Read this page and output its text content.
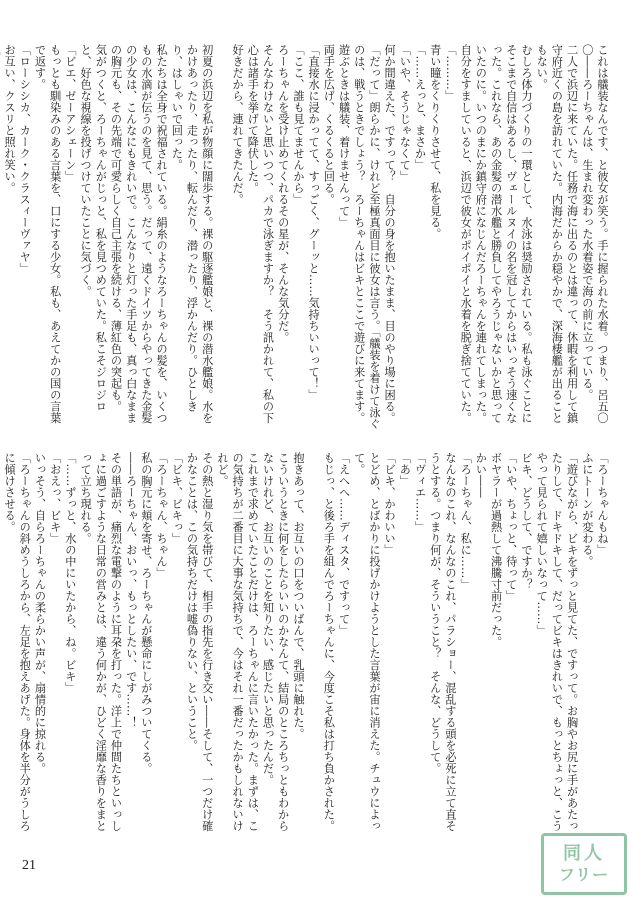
これは艤装なんです、と彼女が笑う。手に握られた水着。つまり、呂五〇〇――ろーちゃんは、生まれ変わった水着姿で海の前に立っている。
二人で浜辺に来ていた。任務で海に出るのとは違って、休暇を利用して鎮守府近くの島を訪れていた。内海だからか穏やかで、深海棲艦が出ることもない。
むしろ体力づくりの一環として、水泳は奨励されている。私も泳ぐことにそこまで自信はあるし、ヴェールヌイの名を冠してからはいっそう速くなった。これなら、あの金髪の潜水艦と勝負してやろうじゃないかと思っていたのに。いつのまにか鎮守府になじんだろーちゃんを連れてしまった。自分をすましていると、浜辺で彼女がポイポイと水着を脱ぎ捨てていた。
「………」
青い瞳をくりくりさせて、私を見る。
「……えっと、まさか」
「いや、そうじゃなくて」
何か間違えた、ですって？　自分の身を抱いたまま、目のやり場に困る。
「だって」朗らかに、けれど至極真面目に彼女は言う。「艤装を着けて泳ぐのは、戦うときでしょう？　ろーちゃんはビキとここで遊びに来てます。遊ぶときは艤装、着けませんって」
両手を広げ、くるくると回る。
「直接水に浸かってて、すっごく、グーッと……気持ちいいって！」
「ここ、誰も見てませんから」
ろーちゃんを受け止めてくれるその星が、そんな気分だ。
そんなわけないと思いつつ、パカで泳ぎますか？　そう訊かれて、私の下心は諸手を挙げて降伏した。
好きだから、連れてきたんだ。

初夏の浜辺を私が物顔に闊歩する。裸の駆逐艦娘と、裸の潜水艦娘。水をかけあったり、走ったり、転んだり、潜ったり、浮かんだり。ひとしきり、はしゃいで回った。
私たちは全身で祝福されている。絹糸のようなろーちゃんの髪を、いくつもの水滴が伝うのを見て、思う。だって、遠くドイツからやってきた金髪の少女は、こんなにもきれいで。こんなりと灯った手足も、真っ白なままの胸元も、その先端で可愛らしく自己主張を続ける、薄紅色の突起も。
気がつくと、ろーちゃんがじっと、私を見つめていた。私こそジロジロと、好色な視線を投げつけていたことに気づく。
「ビエ、ゼーアシェーン」
もっとも馴染みのある言葉を、口にする少女。私も、あえてかの国の言葉で返す。
「ローシシカ、カーク・クラスィーヴァヤ」
お互い、クスリと照れ笑い。

「ろーちゃんもね」
ふにトーンが変わる。
「遊びながら、ビキをずっと見てた、ですって。お胸やお尻に手があたったりして、ドキドキして、だってビキはきれいで、もっとちょっと、こうやって見られて嬉しいなって……」
ビキ、どうして、ですか？
「いや、ちょっと、待って」
ボヤラーが過熱して沸騰寸前だった。
かい――
「ろーちゃん、私に……」
なんなのこれ、なんなのこれ、パラショー、混乱する頭を必死に立て直そうとする。つまり何が、そういうこと？　そんな、どうして。
「ヴィエ……」
「あ」
「ビキ、かわいい」
とどめ、とばかりに投げかけようとした言葉が宙に消えた。チュウによって。
「えへへ……ディスタ、ですって」
もじっ、と後ろ手を組んでろーちゃんに、今度こそ私は打ち負かされた。

抱きあって、お互いの口をついばんで、乳頭に触れた。
こういうときに何をしたらいいのかなんて、結局のところちっともわからないけれど、お互いのことを知りたい、感じたいと思ったんだ。
これまで求めていたことだけは、ろーちゃんに言いたかった。まずは、この気持ちが二番目に大事な気持ちで、今はそれ一番だったかもしれないけれど。
その熱と湿り気を帯びて、相手の指先を行き交い――そして、一つだけ確かなことは、この気持ちだけは嘘偽りない、ということ。
「ビキ、ビキっ」
「ろーちゃん、ちゃん」
私の胸元に頬を寄せ、ろーちゃんが懸命にしがみついてくる。
――ろーちゃん、おいっ、もっとしたい、です……！
その単語が、痛烈な電撃のように耳朶を打った。洋上で仲間たちといっしょに過ごすような日常の営みとは、違う何かが、ひどく淫靡な香りをまとって立ち現れる。
「……ずっと、水の中にいたから、ね。ビキ」
「おえっ、ビキ」
いっそう、自らろーちゃんの柔らかい声が、扇情的に掠れる。
「ろーちゃんの斜めうしろから、左足を抱えあげた。身体を半分がうしろに傾けさせる。

21
同人
フリー
